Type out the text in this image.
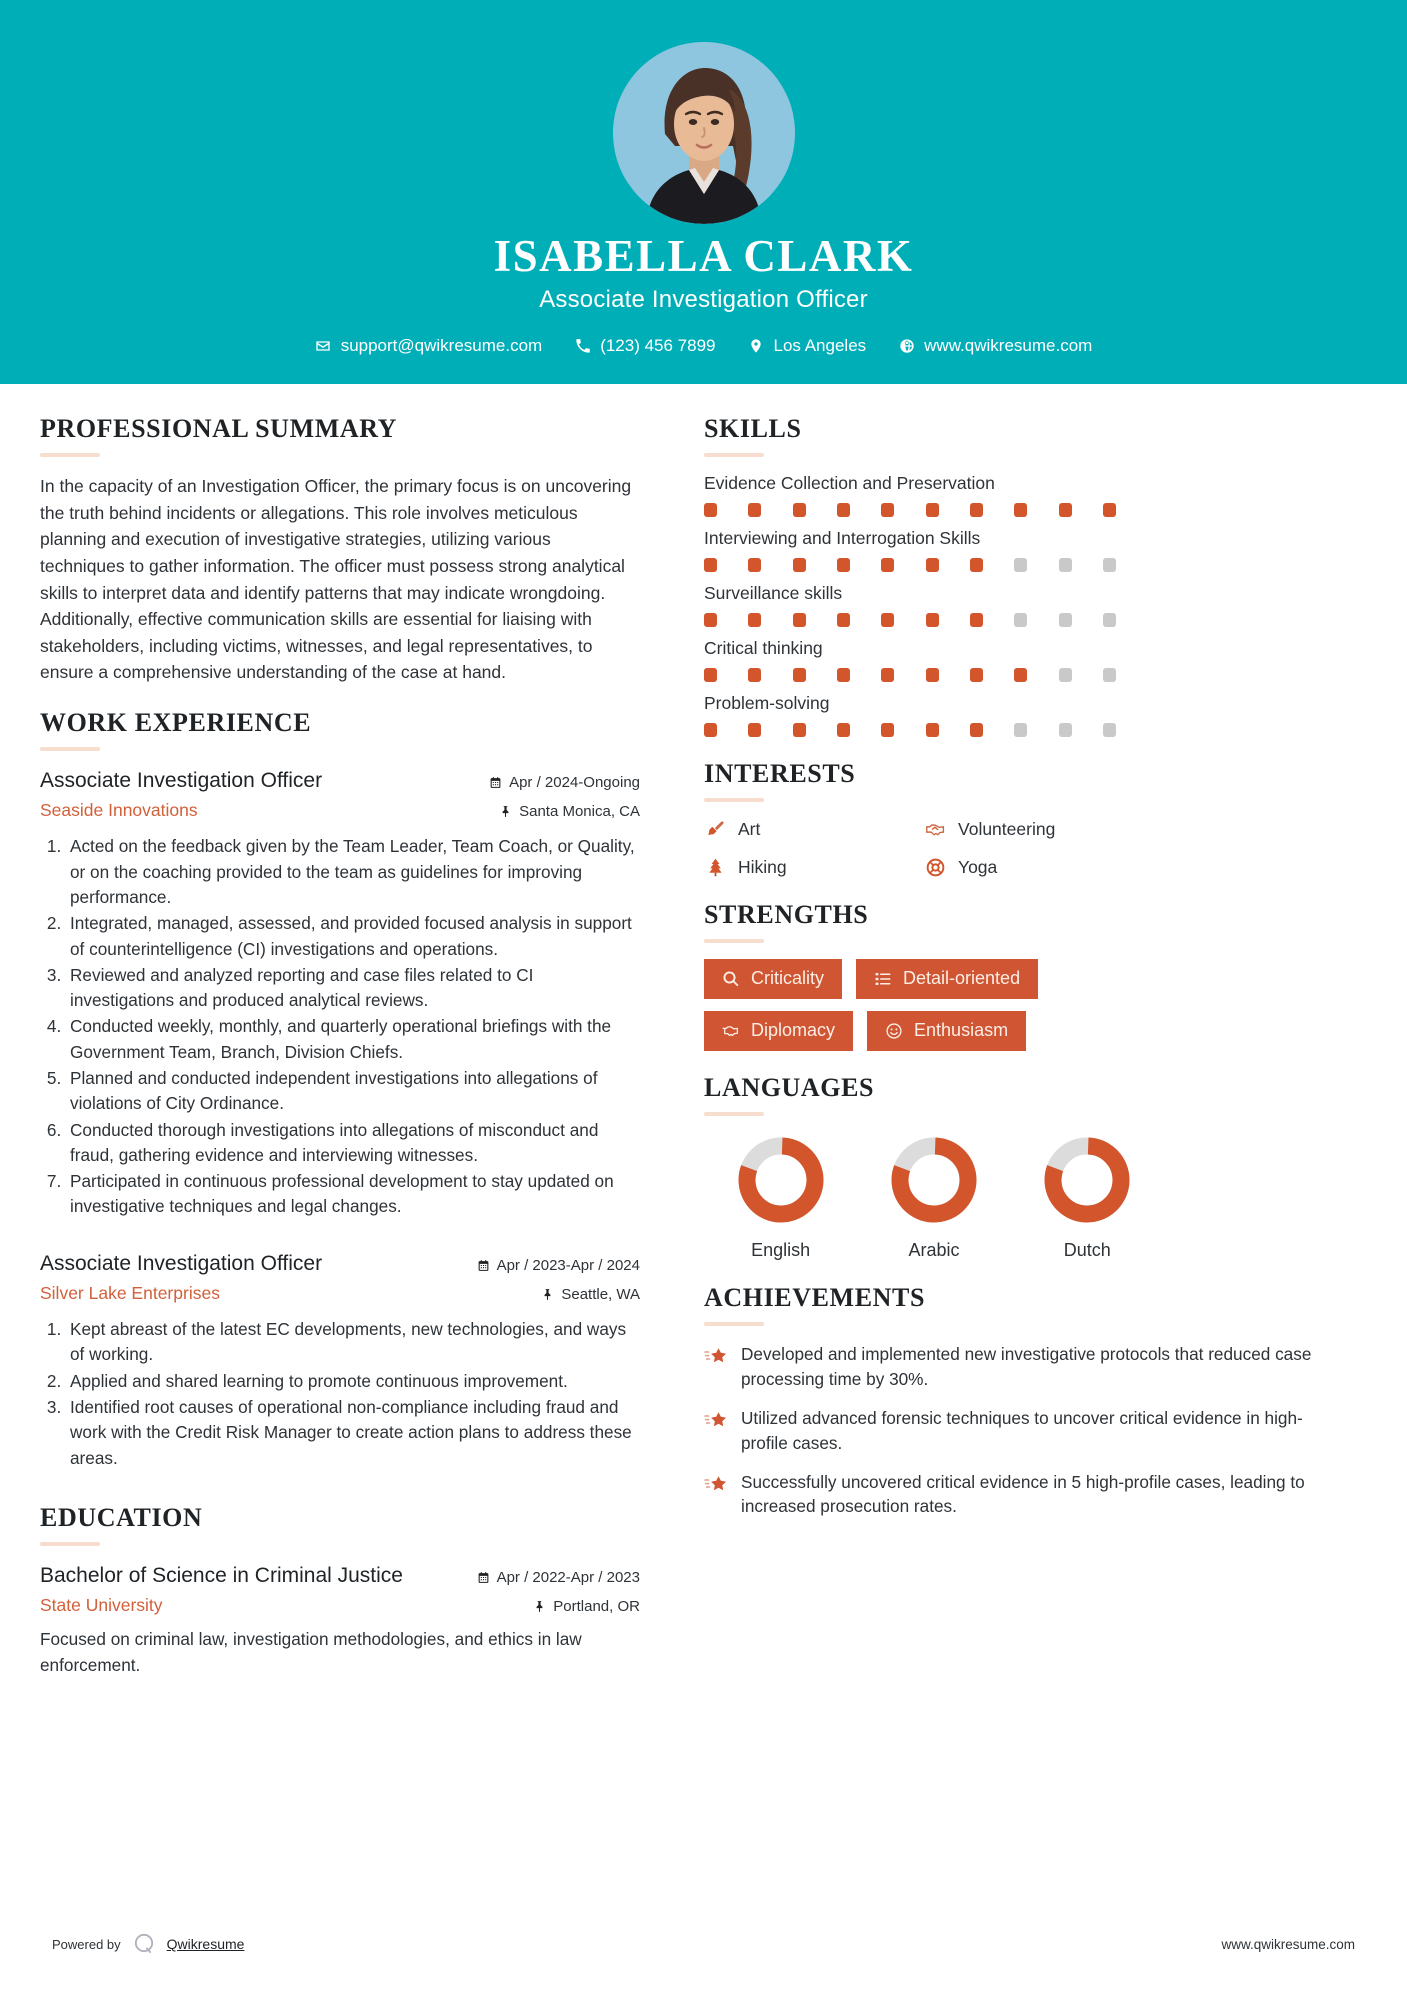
ISABELLA CLARK
Associate Investigation Officer
support@qwikresume.com	(123) 456 7899	Los Angeles	www.qwikresume.com
PROFESSIONAL SUMMARY
In the capacity of an Investigation Officer, the primary focus is on uncovering the truth behind incidents or allegations. This role involves meticulous planning and execution of investigative strategies, utilizing various techniques to gather information. The officer must possess strong analytical skills to interpret data and identify patterns that may indicate wrongdoing. Additionally, effective communication skills are essential for liaising with stakeholders, including victims, witnesses, and legal representatives, to ensure a comprehensive understanding of the case at hand.
WORK EXPERIENCE
Associate Investigation Officer
Seaside Innovations
Apr / 2024-Ongoing
Santa Monica, CA
1. Acted on the feedback given by the Team Leader, Team Coach, or Quality, or on the coaching provided to the team as guidelines for improving performance.
2. Integrated, managed, assessed, and provided focused analysis in support of counterintelligence (CI) investigations and operations.
3. Reviewed and analyzed reporting and case files related to CI investigations and produced analytical reviews.
4. Conducted weekly, monthly, and quarterly operational briefings with the Government Team, Branch, Division Chiefs.
5. Planned and conducted independent investigations into allegations of violations of City Ordinance.
6. Conducted thorough investigations into allegations of misconduct and fraud, gathering evidence and interviewing witnesses.
7. Participated in continuous professional development to stay updated on investigative techniques and legal changes.
Associate Investigation Officer
Silver Lake Enterprises
Apr / 2023-Apr / 2024
Seattle, WA
1. Kept abreast of the latest EC developments, new technologies, and ways of working.
2. Applied and shared learning to promote continuous improvement.
3. Identified root causes of operational non-compliance including fraud and work with the Credit Risk Manager to create action plans to address these areas.
EDUCATION
Bachelor of Science in Criminal Justice
State University
Apr / 2022-Apr / 2023
Portland, OR
Focused on criminal law, investigation methodologies, and ethics in law enforcement.
SKILLS
Evidence Collection and Preservation
Interviewing and Interrogation Skills
Surveillance skills
Critical thinking
Problem-solving
INTERESTS
Art	Volunteering
Hiking	Yoga
STRENGTHS
Criticality	Detail-oriented
Diplomacy	Enthusiasm
LANGUAGES
English	Arabic	Dutch
ACHIEVEMENTS
Developed and implemented new investigative protocols that reduced case processing time by 30%.
Utilized advanced forensic techniques to uncover critical evidence in high-profile cases.
Successfully uncovered critical evidence in 5 high-profile cases, leading to increased prosecution rates.
Powered by	Qwikresume	www.qwikresume.com
